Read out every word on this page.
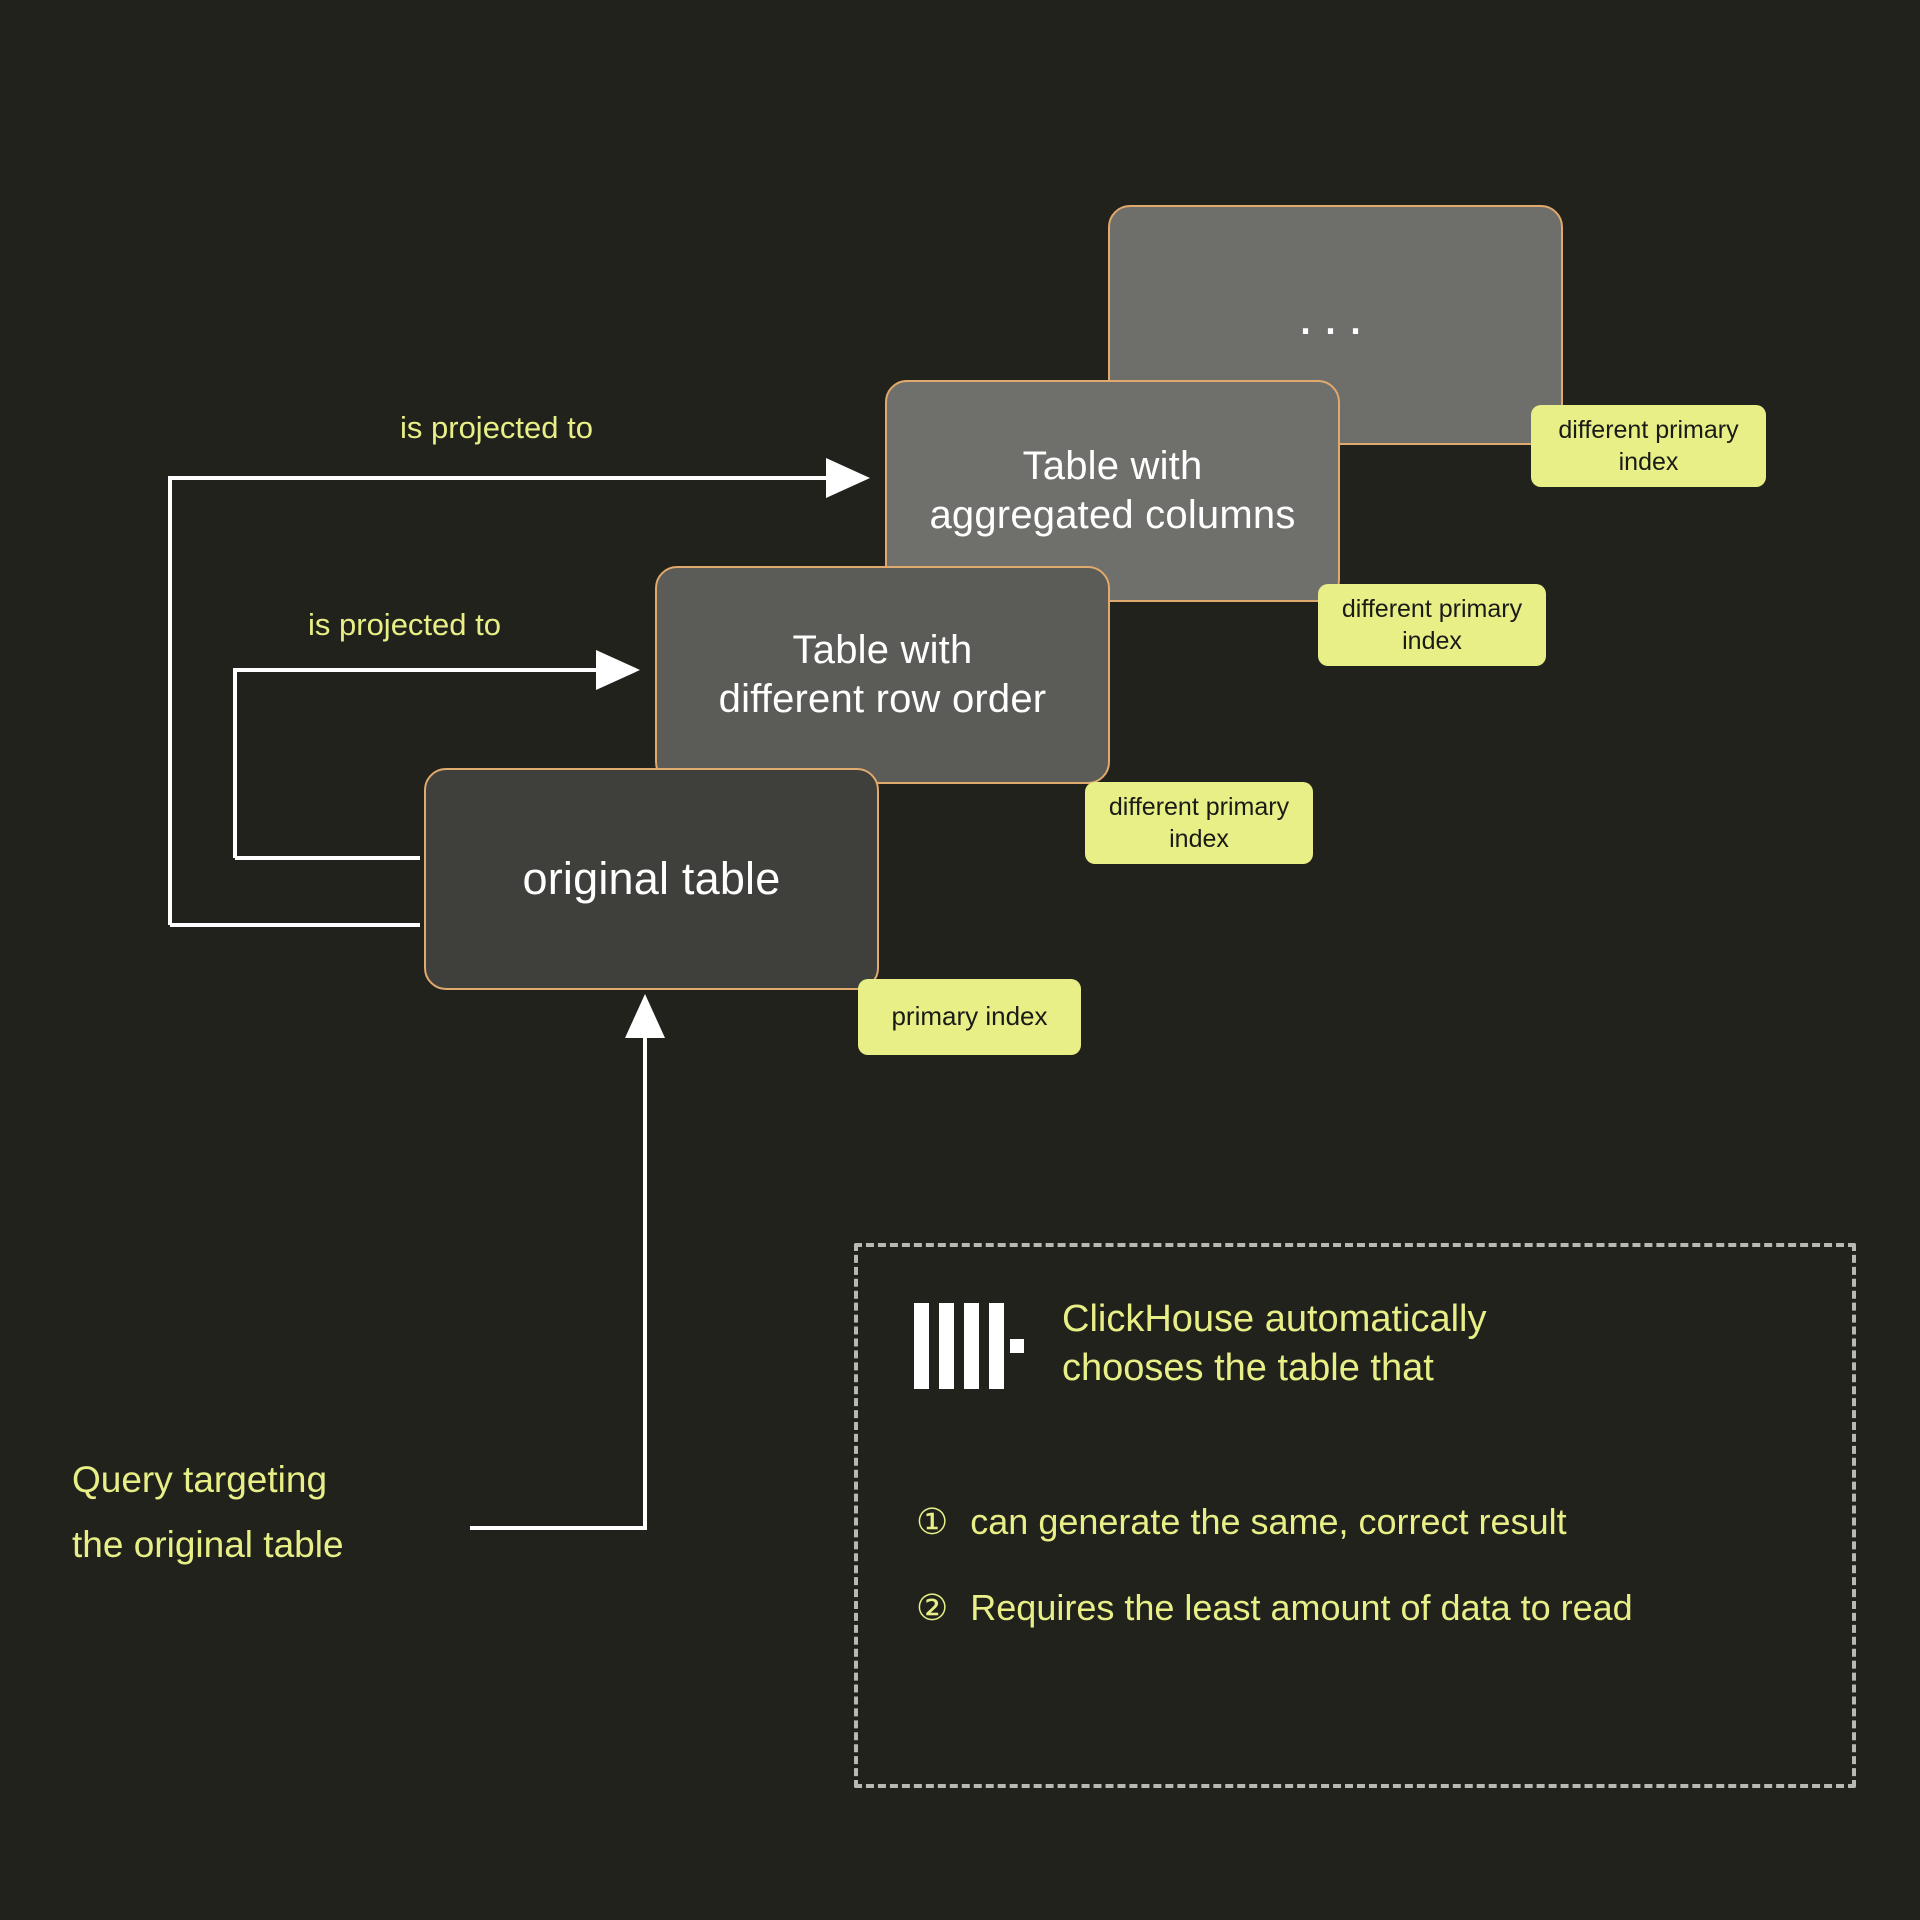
...
Table with
aggregated columns
Table with
different row order
original table
different primary index
different primary index
different primary index
primary index
is projected to
is projected to
Query targeting
the original table
ClickHouse automatically
chooses the table that
① can generate the same, correct result
② Requires the least amount of data to read
